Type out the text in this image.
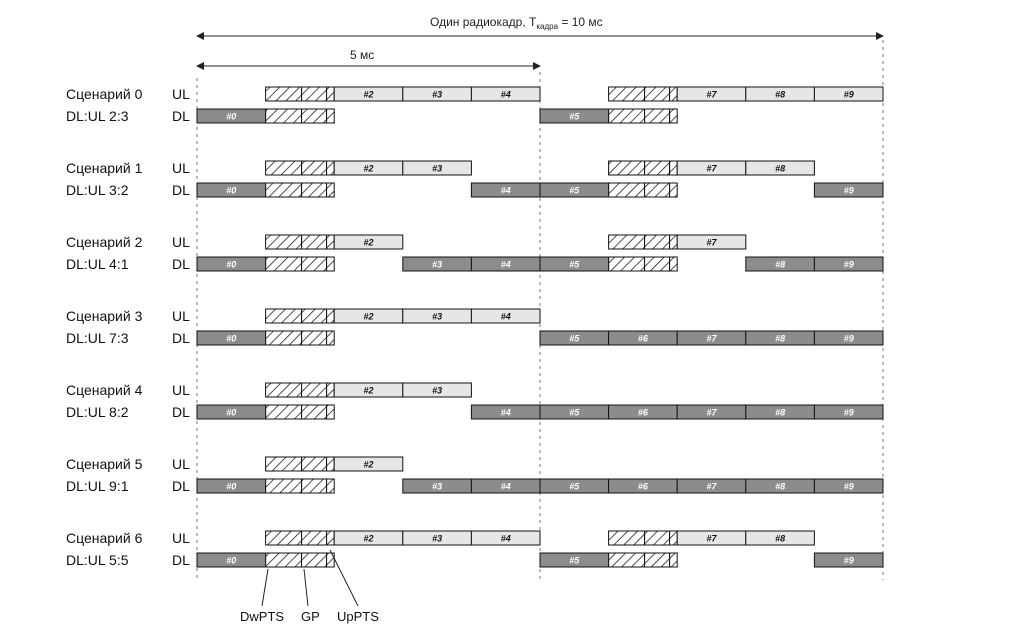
Один радиокадр, $T_{кадра} = 10$ мс
5 мс
Сценарий 0
DL:UL 2:3
UL
DL
#2	#3	#4	#7	#8	#9
#0	#5
Сценарий 1
DL:UL 3:2
UL
DL
#2	#3	#7	#8
#0	#4	#5	#9
Сценарий 2
DL:UL 4:1
UL
DL
#2	#7
#0	#3	#4	#5	#8	#9
Сценарий 3
DL:UL 7:3
UL
DL
#2	#3	#4
#0	#5	#6	#7	#8	#9
Сценарий 4
DL:UL 8:2
UL
DL
#2	#3
#0	#4	#5	#6	#7	#8	#9
Сценарий 5
DL:UL 9:1
UL
DL
#2
#0	#3	#4	#5	#6	#7	#8	#9
Сценарий 6
DL:UL 5:5
UL
DL
#2	#3	#4	#7	#8
#0	#5	#9
DwPTS GP UpPTS
